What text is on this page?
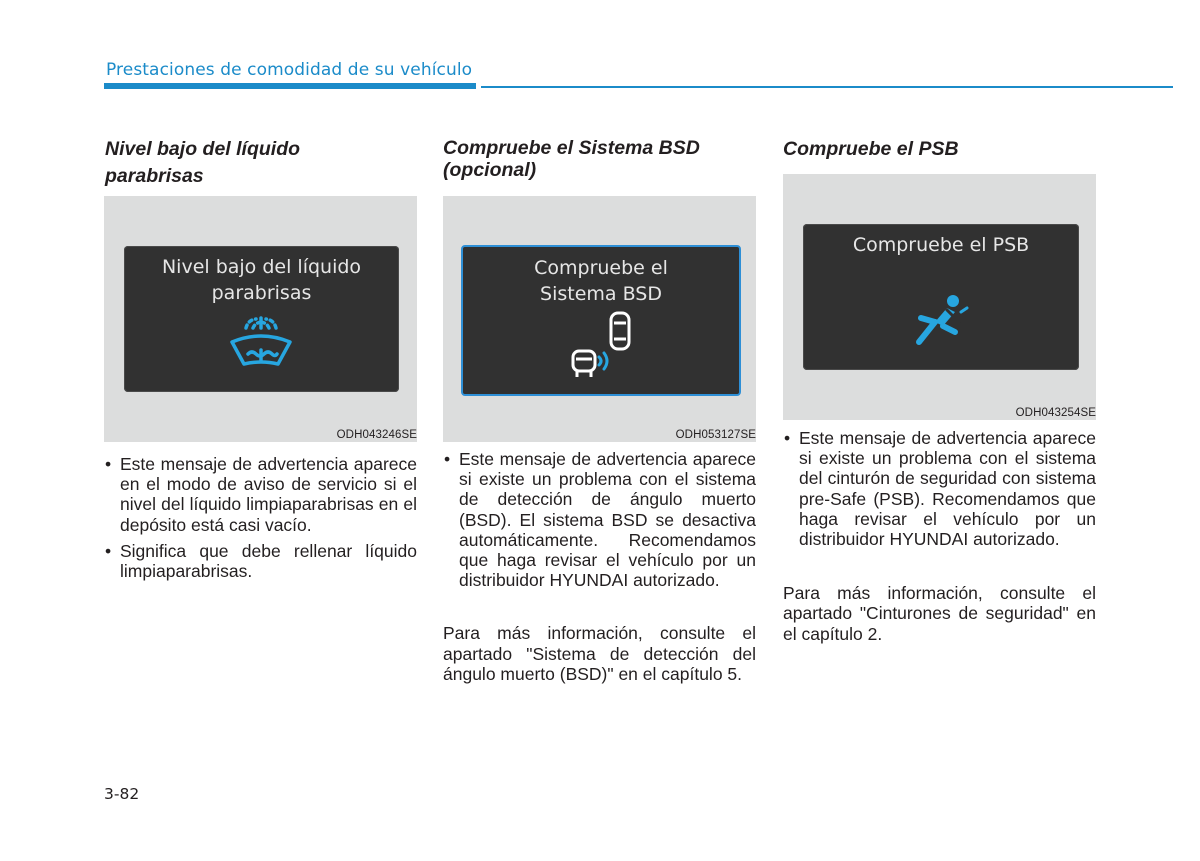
Prestaciones de comodidad de su vehículo
Nivel bajo del líquido
parabrisas
Nivel bajo del líquido
parabrisas
ODH043246SE
• Este mensaje de advertencia aparece en el modo de aviso de servicio si el nivel del líquido limpiaparabrisas en el depósito está casi vacío.
• Significa que debe rellenar líquido limpiaparabrisas.
Compruebe el Sistema BSD
(opcional)
Compruebe el
Sistema BSD
ODH053127SE
• Este mensaje de advertencia aparece si existe un problema con el sistema de detección de ángulo muerto (BSD). El sistema BSD se desactiva automáticamente. Recomendamos que haga revisar el vehículo por un distribuidor HYUNDAI autorizado.

Para más información, consulte el apartado "Sistema de detección del ángulo muerto (BSD)" en el capítulo 5.

Compruebe el PSB
Compruebe el PSB
ODH043254SE
• Este mensaje de advertencia aparece si existe un problema con el sistema del cinturón de seguridad con sistema pre-Safe (PSB). Recomendamos que haga revisar el vehículo por un distribuidor HYUNDAI autorizado.

Para más información, consulte el apartado "Cinturones de seguridad" en el capítulo 2.

3-82
